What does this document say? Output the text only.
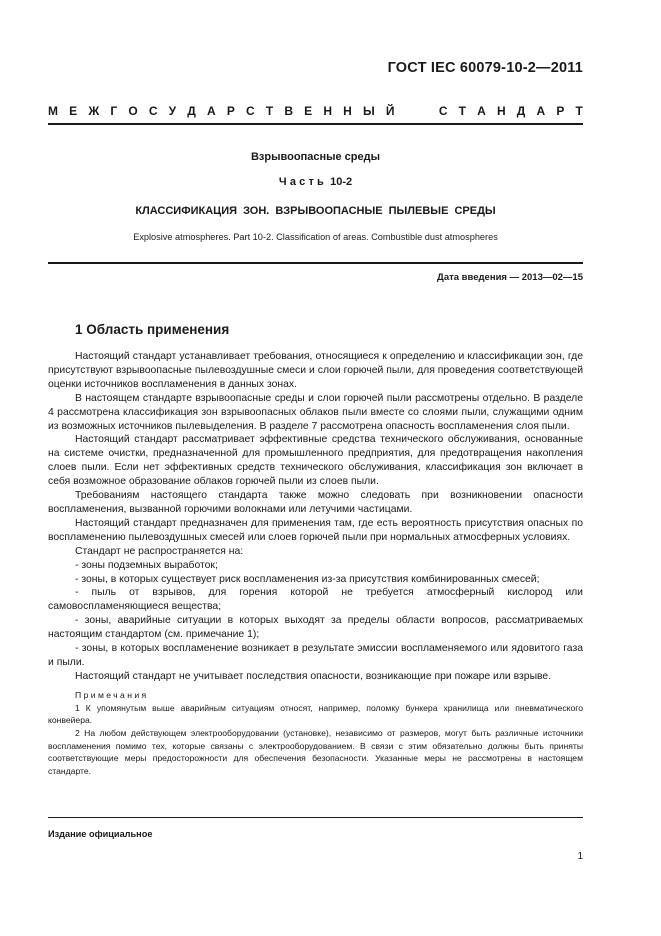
ГОСТ IEC 60079-10-2—2011
М Е Ж Г О С У Д А Р С Т В Е Н Н Ы Й	С Т А Н Д А Р Т
Взрывоопасные среды
Часть 10-2
КЛАССИФИКАЦИЯ ЗОН. ВЗРЫВООПАСНЫЕ ПЫЛЕВЫЕ СРЕДЫ
Explosive atmospheres. Part 10-2. Classification of areas. Combustible dust atmospheres
Дата введения — 2013—02—15
1 Область применения

Настоящий стандарт устанавливает требования, относящиеся к определению и классификации зон, где присутствуют взрывоопасные пылевоздушные смеси и слои горючей пыли, для проведения соответствующей оценки источников воспламенения в данных зонах.

В настоящем стандарте взрывоопасные среды и слои горючей пыли рассмотрены отдельно. В разделе 4 рассмотрена классификация зон взрывоопасных облаков пыли вместе со слоями пыли, служащими одним из возможных источников пылевыделения. В разделе 7 рассмотрена опасность воспламенения слоя пыли.

Настоящий стандарт рассматривает эффективные средства технического обслуживания, основанные на системе очистки, предназначенной для промышленного предприятия, для предотвращения накопления слоев пыли. Если нет эффективных средств технического обслуживания, классификация зон включает в себя возможное образование облаков горючей пыли из слоев пыли.

Требованиям настоящего стандарта также можно следовать при возникновении опасности воспламенения, вызванной горючими волокнами или летучими частицами.

Настоящий стандарт предназначен для применения там, где есть вероятность присутствия опасных по воспламенению пылевоздушных смесей или слоев горючей пыли при нормальных атмосферных условиях.

Стандарт не распространяется на:

- зоны подземных выработок;

- зоны, в которых существует риск воспламенения из-за присутствия комбинированных смесей;

- пыль от взрывов, для горения которой не требуется атмосферный кислород или самовоспламеняющиеся вещества;

- зоны, аварийные ситуации в которых выходят за пределы области вопросов, рассматриваемых настоящим стандартом (см. примечание 1);

- зоны, в которых воспламенение возникает в результате эмиссии воспламеняемого или ядовитого газа и пыли.

Настоящий стандарт не учитывает последствия опасности, возникающие при пожаре или взрыве.

Примечания

1 К упомянутым выше аварийным ситуациям относят, например, поломку бункера хранилища или пневматического конвейера.

2 На любом действующем электрооборудовании (установке), независимо от размеров, могут быть различные источники воспламенения помимо тех, которые связаны с электрооборудованием. В связи с этим обязательно должны быть приняты соответствующие меры предосторожности для обеспечения безопасности. Указанные меры не рассмотрены в настоящем стандарте.

Издание официальное
1
